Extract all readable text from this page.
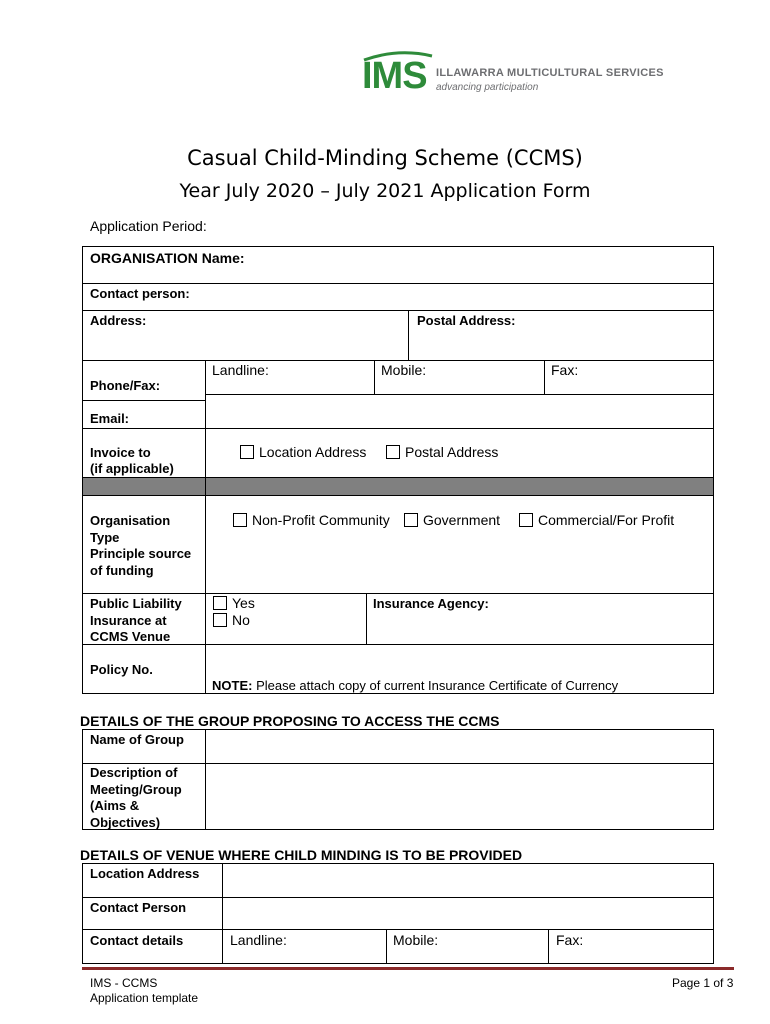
IMS ILLAWARRA MULTICULTURAL SERVICES
advancing participation
Casual Child-Minding Scheme (CCMS)
Year July 2020 – July 2021 Application Form
Application Period:
ORGANISATION Name:
Contact person:
Address:	Postal Address:
Phone/Fax:
Landline:	Mobile:	Fax:
Email:
Invoice to
(if applicable)
Location Address	Postal Address
Organisation
Type
Principle source
of funding
Non-Profit Community Government	Commercial/For Profit
Public Liability
Insurance at
CCMS Venue
Yes
No
Insurance Agency:
Policy No.
NOTE: Please attach copy of current Insurance Certificate of Currency
DETAILS OF THE GROUP PROPOSING TO ACCESS THE CCMS
Name of Group
Description of
Meeting/Group
(Aims &
Objectives)
DETAILS OF VENUE WHERE CHILD MINDING IS TO BE PROVIDED
Location Address
Contact Person
Contact details	Landline:	Mobile:	Fax:
IMS - CCMS
Application template
Page 1 of 3
